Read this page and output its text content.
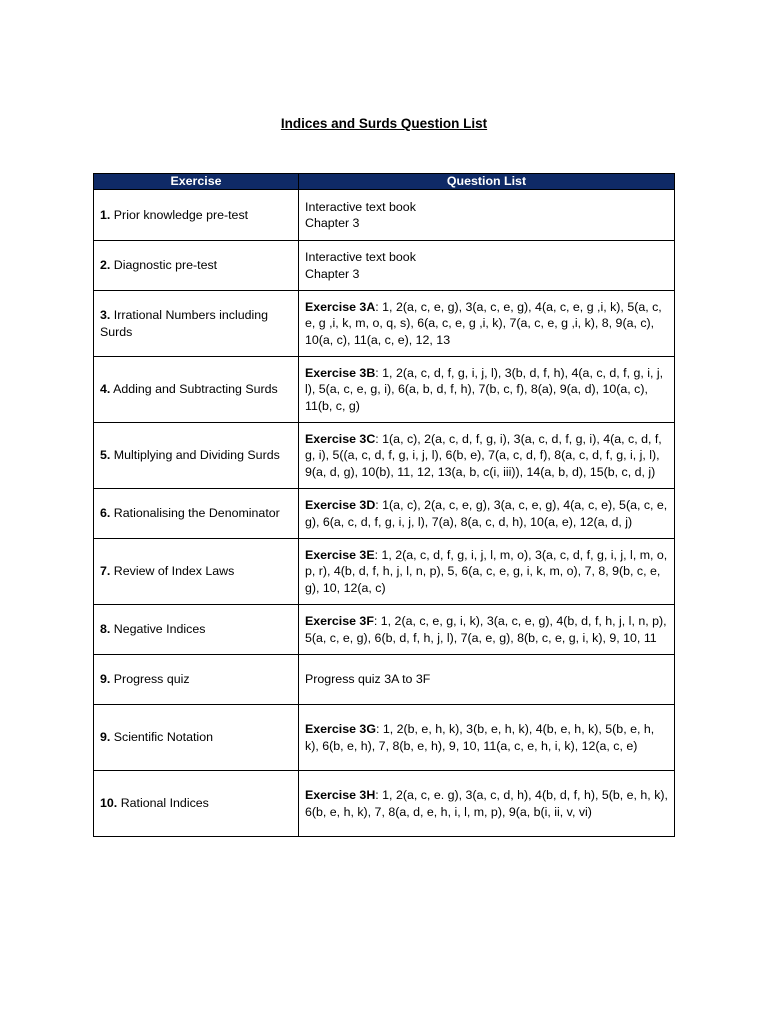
Indices and Surds Question List
Exercise	Question List
1. Prior knowledge pre-test	Interactive text book
Chapter 3

2. Diagnostic pre-test	Interactive text book
Chapter 3

3. Irrational Numbers including Surds	Exercise 3A: 1, 2(a, c, e, g), 3(a, c, e, g), 4(a, c, e, g ,i, k), 5(a, c, e, g ,i, k, m, o, q, s), 6(a, c, e, g ,i, k), 7(a, c, e, g ,i, k), 8, 9(a, c), 10(a, c), 11(a, c, e), 12, 13
4. Adding and Subtracting Surds	Exercise 3B: 1, 2(a, c, d, f, g, i, j, l), 3(b, d, f, h), 4(a, c, d, f, g, i, j, l), 5(a, c, e, g, i), 6(a, b, d, f, h), 7(b, c, f), 8(a), 9(a, d), 10(a, c), 11(b, c, g)
5. Multiplying and Dividing Surds	Exercise 3C: 1(a, c), 2(a, c, d, f, g, i), 3(a, c, d, f, g, i), 4(a, c, d, f, g, i), 5((a, c, d, f, g, i, j, l), 6(b, e), 7(a, c, d, f), 8(a, c, d, f, g, i, j, l), 9(a, d, g), 10(b), 11, 12, 13(a, b, c(i, iii)), 14(a, b, d), 15(b, c, d, j)
6. Rationalising the Denominator	Exercise 3D: 1(a, c), 2(a, c, e, g), 3(a, c, e, g), 4(a, c, e), 5(a, c, e, g), 6(a, c, d, f, g, i, j, l), 7(a), 8(a, c, d, h), 10(a, e), 12(a, d, j)
7. Review of Index Laws	Exercise 3E: 1, 2(a, c, d, f, g, i, j, l, m, o), 3(a, c, d, f, g, i, j, l, m, o, p, r), 4(b, d, f, h, j, l, n, p), 5, 6(a, c, e, g, i, k, m, o), 7, 8, 9(b, c, e, g), 10, 12(a, c)
8. Negative Indices	Exercise 3F: 1, 2(a, c, e, g, i, k), 3(a, c, e, g), 4(b, d, f, h, j, l, n, p), 5(a, c, e, g), 6(b, d, f, h, j, l), 7(a, e, g), 8(b, c, e, g, i, k), 9, 10, 11
9. Progress quiz	Progress quiz 3A to 3F
9. Scientific Notation	Exercise 3G: 1, 2(b, e, h, k), 3(b, e, h, k), 4(b, e, h, k), 5(b, e, h, k), 6(b, e, h), 7, 8(b, e, h), 9, 10, 11(a, c, e, h, i, k), 12(a, c, e)
10. Rational Indices	Exercise 3H: 1, 2(a, c, e. g), 3(a, c, d, h), 4(b, d, f, h), 5(b, e, h, k), 6(b, e, h, k), 7, 8(a, d, e, h, i, l, m, p), 9(a, b(i, ii, v, vi)
